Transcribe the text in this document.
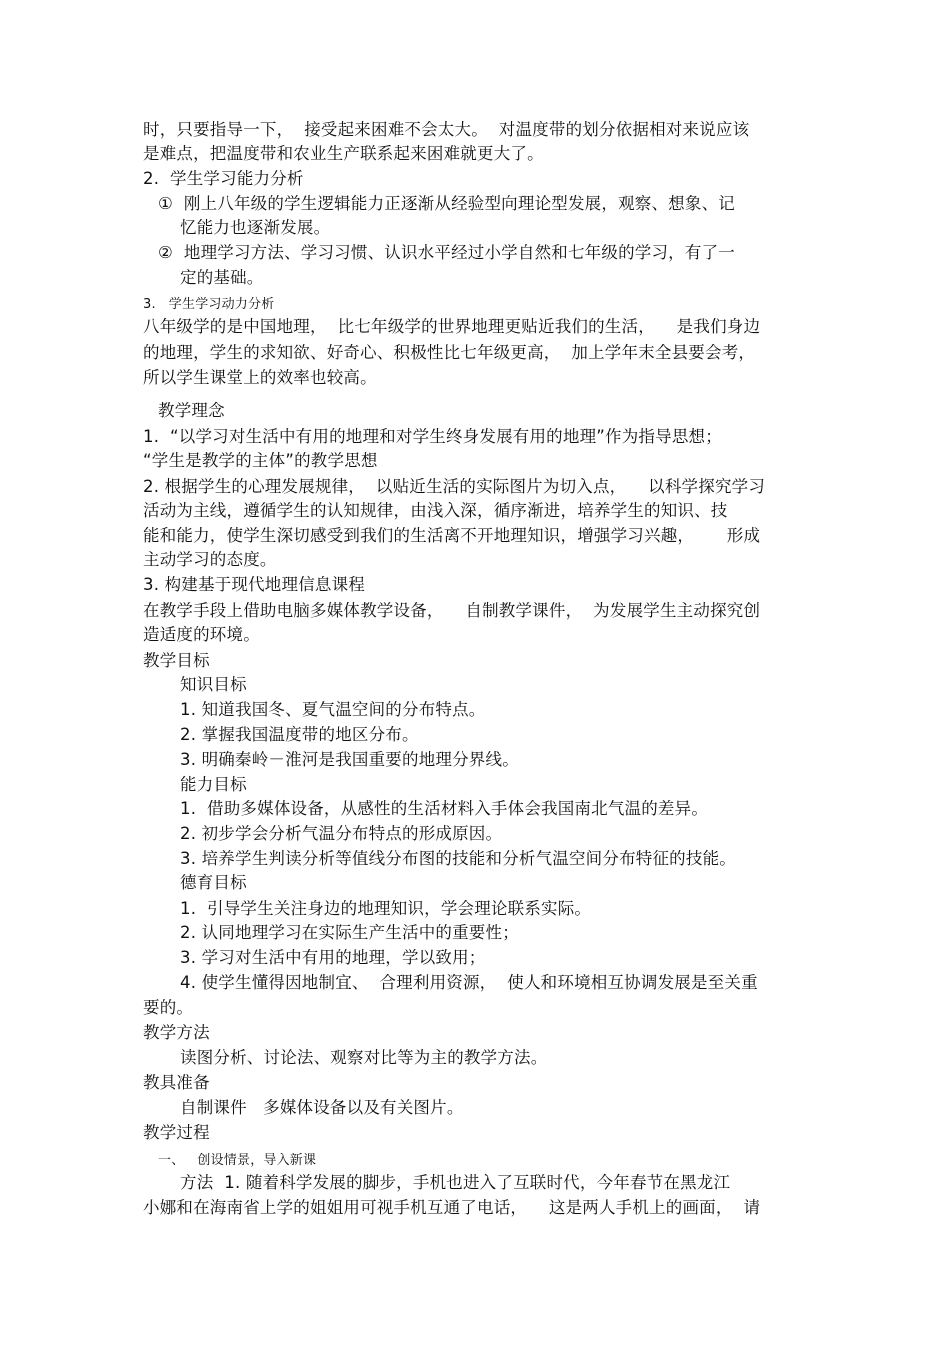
时，只要指导一下，  接受起来困难不会太大。  对温度带的划分依据相对来说应该
是难点，把温度带和农业生产联系起来困难就更大了。
2.  学生学习能力分析
①  刚上八年级的学生逻辑能力正逐渐从经验型向理论型发展，观察、想象、记
忆能力也逐渐发展。
②  地理学习方法、学习习惯、认识水平经过小学自然和七年级的学习，有了一
定的基础。
3.   学生学习动力分析
八年级学的是中国地理，  比七年级学的世界地理更贴近我们的生活，    是我们身边
的地理，学生的求知欲、好奇心、积极性比七年级更高，  加上学年末全县要会考，
所以学生课堂上的效率也较高。
教学理念
1.  “以学习对生活中有用的地理和对学生终身发展有用的地理”作为指导思想；
“学生是教学的主体”的教学思想
2. 根据学生的心理发展规律，  以贴近生活的实际图片为切入点，    以科学探究学习
活动为主线，遵循学生的认知规律，由浅入深，循序渐进，培养学生的知识、技
能和能力，使学生深切感受到我们的生活离不开地理知识，增强学习兴趣，      形成
主动学习的态度。
3. 构建基于现代地理信息课程
在教学手段上借助电脑多媒体教学设备，    自制教学课件，  为发展学生主动探究创
造适度的环境。
教学目标
知识目标
1. 知道我国冬、夏气温空间的分布特点。
2. 掌握我国温度带的地区分布。
3. 明确秦岭－淮河是我国重要的地理分界线。
能力目标
1.  借助多媒体设备，从感性的生活材料入手体会我国南北气温的差异。
2. 初步学会分析气温分布特点的形成原因。
3. 培养学生判读分析等值线分布图的技能和分析气温空间分布特征的技能。
德育目标
1.  引导学生关注身边的地理知识，学会理论联系实际。
2. 认同地理学习在实际生产生活中的重要性；
3. 学习对生活中有用的地理，学以致用；
4. 使学生懂得因地制宜、  合理利用资源，  使人和环境相互协调发展是至关重
要的。
教学方法
读图分析、讨论法、观察对比等为主的教学方法。
教具准备
自制课件   多媒体设备以及有关图片。
教学过程
一、   创设情景，导入新课
方法  1. 随着科学发展的脚步，手机也进入了互联时代，今年春节在黑龙江
小娜和在海南省上学的姐姐用可视手机互通了电话，    这是两人手机上的画面，  请
